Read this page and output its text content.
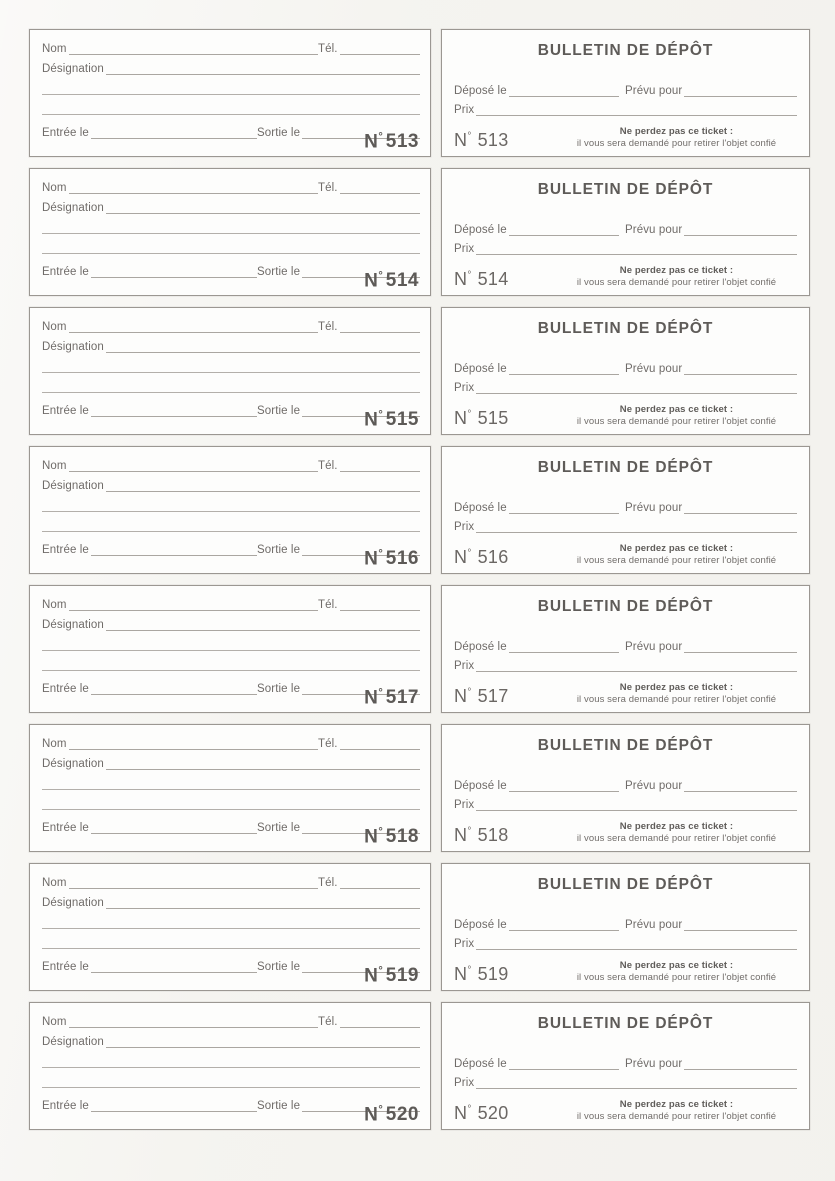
Nom	Tél.
Désignation
Entrée le	Sortie le	N° 513
BULLETIN DE DÉPÔT
Déposé le	Prévu pour
Prix
N° 513	Ne perdez pas ce ticket :
il vous sera demandé pour retirer l'objet confié
Nom	Tél.
Désignation
Entrée le	Sortie le	N° 514
BULLETIN DE DÉPÔT
Déposé le	Prévu pour
Prix
N° 514	Ne perdez pas ce ticket :
il vous sera demandé pour retirer l'objet confié
Nom	Tél.
Désignation
Entrée le	Sortie le	N° 515
BULLETIN DE DÉPÔT
Déposé le	Prévu pour
Prix
N° 515	Ne perdez pas ce ticket :
il vous sera demandé pour retirer l'objet confié
Nom	Tél.
Désignation
Entrée le	Sortie le	N° 516
BULLETIN DE DÉPÔT
Déposé le	Prévu pour
Prix
N° 516	Ne perdez pas ce ticket :
il vous sera demandé pour retirer l'objet confié
Nom	Tél.
Désignation
Entrée le	Sortie le	N° 517
BULLETIN DE DÉPÔT
Déposé le	Prévu pour
Prix
N° 517	Ne perdez pas ce ticket :
il vous sera demandé pour retirer l'objet confié
Nom	Tél.
Désignation
Entrée le	Sortie le	N° 518
BULLETIN DE DÉPÔT
Déposé le	Prévu pour
Prix
N° 518	Ne perdez pas ce ticket :
il vous sera demandé pour retirer l'objet confié
Nom	Tél.
Désignation
Entrée le	Sortie le	N° 519
BULLETIN DE DÉPÔT
Déposé le	Prévu pour
Prix
N° 519	Ne perdez pas ce ticket :
il vous sera demandé pour retirer l'objet confié
Nom	Tél.
Désignation
Entrée le	Sortie le	N° 520
BULLETIN DE DÉPÔT
Déposé le	Prévu pour
Prix
N° 520	Ne perdez pas ce ticket :
il vous sera demandé pour retirer l'objet confié
